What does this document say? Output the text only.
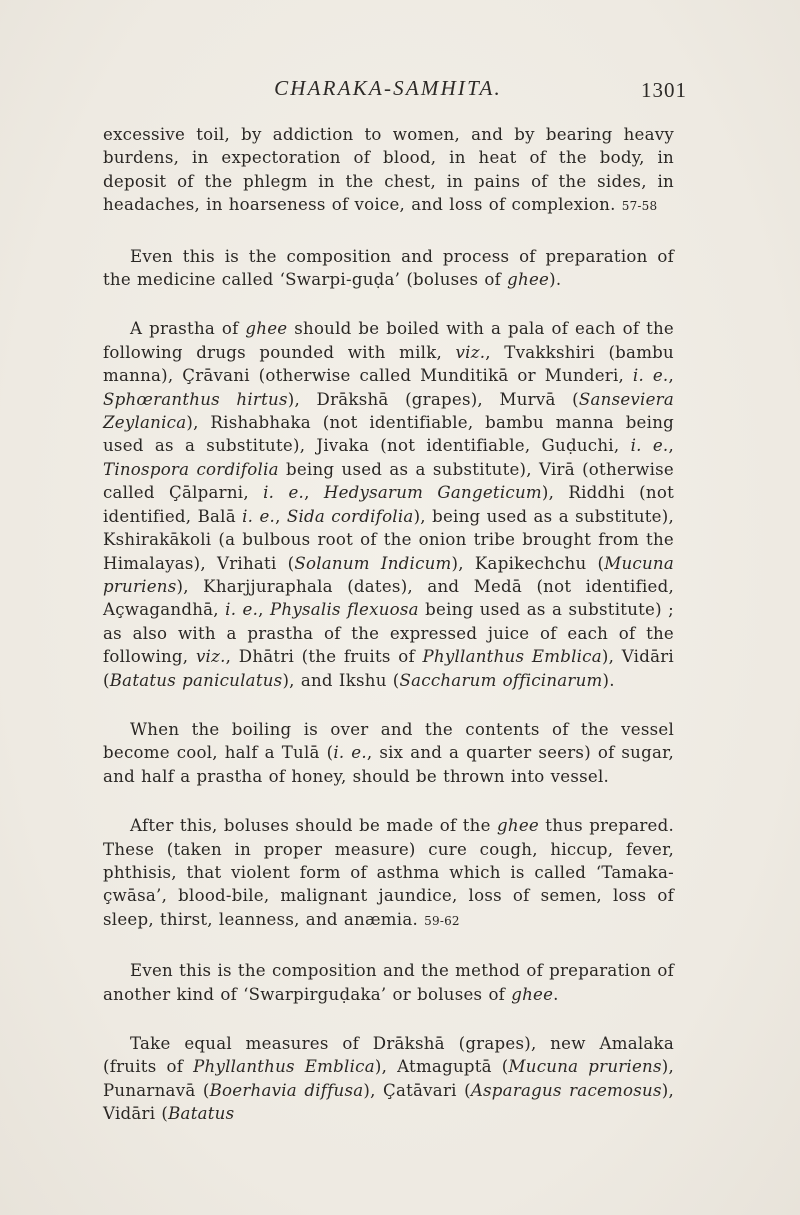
CHARAKA-SAMHITA.	1301

excessive toil, by addiction to women, and by bearing heavy burdens, in expectoration of blood, in heat of the body, in deposit of the phlegm in the chest, in pains of the sides, in headaches, in hoarseness of voice, and loss of complexion. 57-58

Even this is the composition and process of preparation of the medicine called ‘Swarpi-guḍa’ (boluses of ghee).

A prastha of ghee should be boiled with a pala of each of the following drugs pounded with milk, viz., Tvakkshiri (bambu manna), Çrāvani (otherwise called Munditikā or Munderi, i. e., Sphœranthus hirtus), Drākshā (grapes), Murvā (Sanseviera Zeylanica), Rishabhaka (not identifiable, bambu manna being used as a substitute), Jivaka (not identifiable, Guḍuchi, i. e., Tinospora cordifolia being used as a substitute), Virā (otherwise called Çālparni, i. e., Hedysarum Gangeticum), Riddhi (not identified, Balā i. e., Sida cordifolia), being used as a substitute), Kshirakākoli (a bulbous root of the onion tribe brought from the Himalayas), Vrihati (Solanum Indicum), Kapikechchu (Mucuna pruriens), Kharjjuraphala (dates), and Medā (not identified, Açwagandhā, i. e., Physalis flexuosa being used as a substitute) ; as also with a prastha of the expressed juice of each of the following, viz., Dhātri (the fruits of Phyllanthus Emblica), Vidāri (Batatus paniculatus), and Ikshu (Saccharum officinarum).

When the boiling is over and the contents of the vessel become cool, half a Tulā (i. e., six and a quarter seers) of sugar, and half a prastha of honey, should be thrown into vessel.

After this, boluses should be made of the ghee thus prepared. These (taken in proper measure) cure cough, hiccup, fever, phthisis, that violent form of asthma which is called ‘Tamaka-çwāsa’, blood-bile, malignant jaundice, loss of semen, loss of sleep, thirst, leanness, and anæmia. 59-62

Even this is the composition and the method of preparation of another kind of ‘Swarpirguḍaka’ or boluses of ghee.

Take equal measures of Drākshā (grapes), new Amalaka (fruits of Phyllanthus Emblica), Atmaguptā (Mucuna pruriens), Punarnavā (Boerhavia diffusa), Çatāvari (Asparagus racemosus), Vidāri (Batatus
